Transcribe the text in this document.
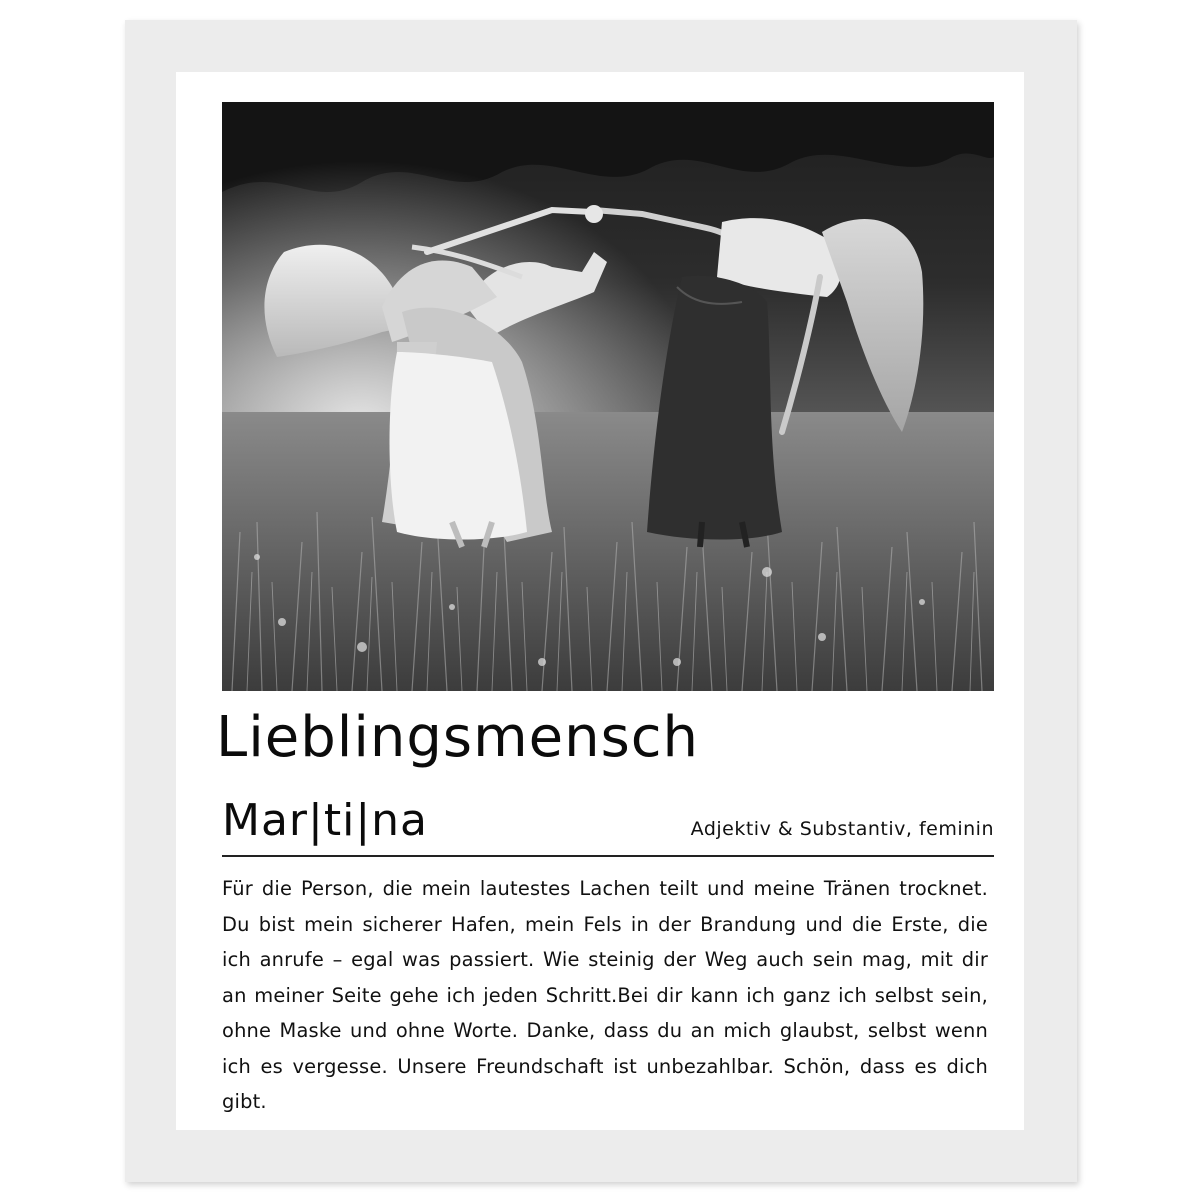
Lieblingsmensch
Mar|ti|na	Adjektiv & Substantiv, feminin
Für die Person, die mein lautestes Lachen teilt und meine Tränen trocknet. Du bist mein sicherer Hafen, mein Fels in der Brandung und die Erste, die ich anrufe – egal was passiert. Wie steinig der Weg auch sein mag, mit dir an meiner Seite gehe ich jeden Schritt.Bei dir kann ich ganz ich selbst sein, ohne Maske und ohne Worte. Danke, dass du an mich glaubst, selbst wenn ich es vergesse. Unsere Freundschaft ist unbezahlbar. Schön, dass es dich gibt.
